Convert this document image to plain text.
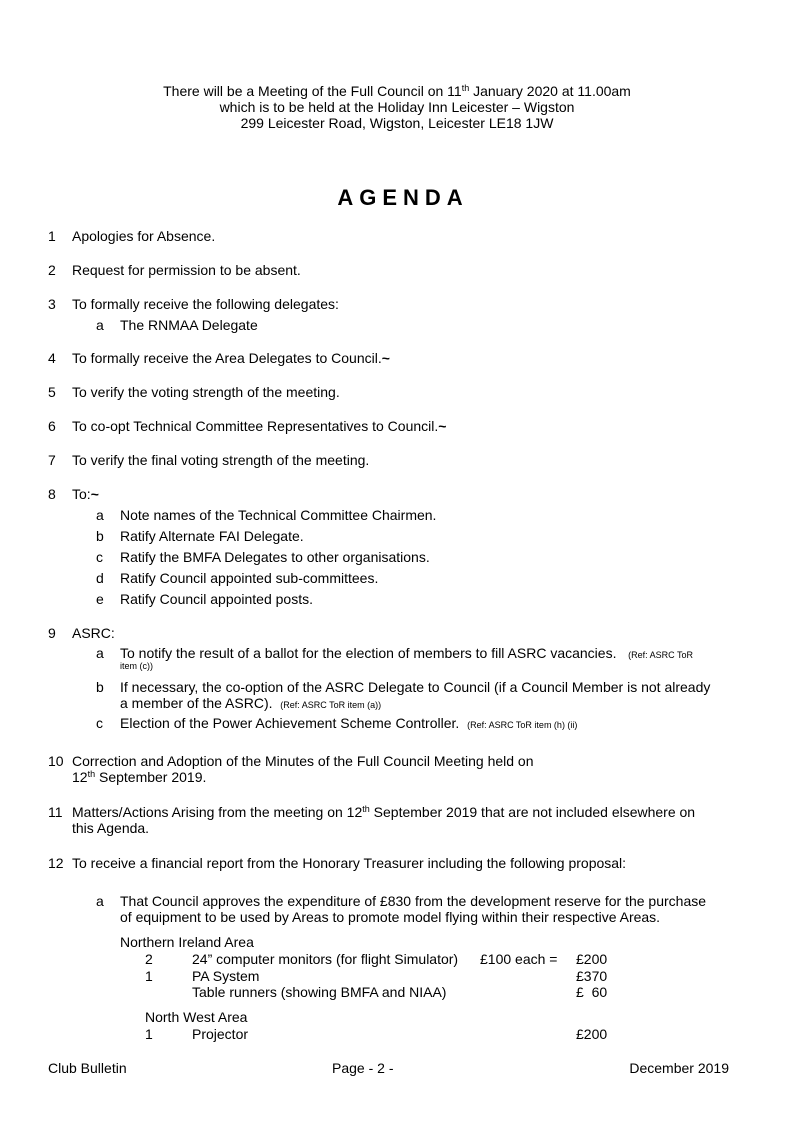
There will be a Meeting of the Full Council on 11th January 2020 at 11.00am
which is to be held at the Holiday Inn Leicester – Wigston
299 Leicester Road, Wigston, Leicester LE18 1JW
AGENDA
1 Apologies for Absence.
2 Request for permission to be absent.
3 To formally receive the following delegates:
a The RNMAA Delegate
4 To formally receive the Area Delegates to Council.~
5 To verify the voting strength of the meeting.
6 To co-opt Technical Committee Representatives to Council.~
7 To verify the final voting strength of the meeting.
8 To:~
a Note names of the Technical Committee Chairmen.
b Ratify Alternate FAI Delegate.
c Ratify the BMFA Delegates to other organisations.
d Ratify Council appointed sub-committees.
e Ratify Council appointed posts.
9 ASRC:
a To notify the result of a ballot for the election of members to fill ASRC vacancies. (Ref: ASRC ToR
item (c))
b If necessary, the co-option of the ASRC Delegate to Council (if a Council Member is not already
a member of the ASRC). (Ref: ASRC ToR item (a))
c Election of the Power Achievement Scheme Controller. (Ref: ASRC ToR item (h) (ii)
10 Correction and Adoption of the Minutes of the Full Council Meeting held on
12th September 2019.
11 Matters/Actions Arising from the meeting on 12th September 2019 that are not included elsewhere on
this Agenda.
12 To receive a financial report from the Honorary Treasurer including the following proposal:
a That Council approves the expenditure of £830 from the development reserve for the purchase
of equipment to be used by Areas to promote model flying within their respective Areas.
Northern Ireland Area
2	24” computer monitors (for flight Simulator) £100 each = £200
1	PA System	£370
Table runners (showing BMFA and NIAA)	£  60
North West Area
1	Projector	£200
Club Bulletin	Page - 2 -	December 2019
